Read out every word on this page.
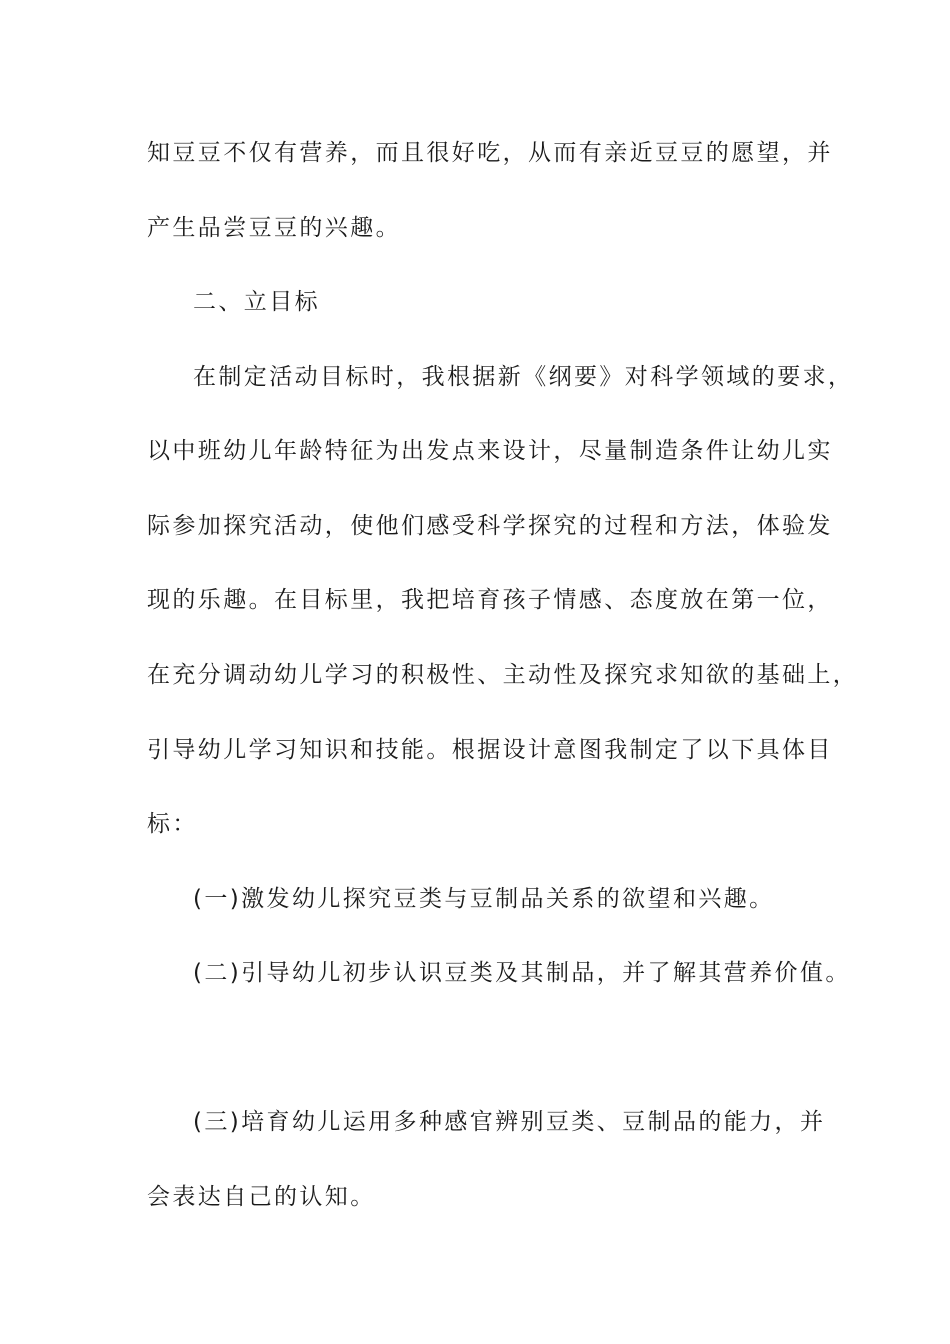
知豆豆不仅有营养，而且很好吃，从而有亲近豆豆的愿望，并
产生品尝豆豆的兴趣。
二、立目标
在制定活动目标时，我根据新《纲要》对科学领域的要求，
以中班幼儿年龄特征为出发点来设计，尽量制造条件让幼儿实
际参加探究活动，使他们感受科学探究的过程和方法，体验发
现的乐趣。在目标里，我把培育孩子情感、态度放在第一位，
在充分调动幼儿学习的积极性、主动性及探究求知欲的基础上，
引导幼儿学习知识和技能。根据设计意图我制定了以下具体目
标：
(一)激发幼儿探究豆类与豆制品关系的欲望和兴趣。
(二)引导幼儿初步认识豆类及其制品，并了解其营养价值。
(三)培育幼儿运用多种感官辨别豆类、豆制品的能力，并
会表达自己的认知。
